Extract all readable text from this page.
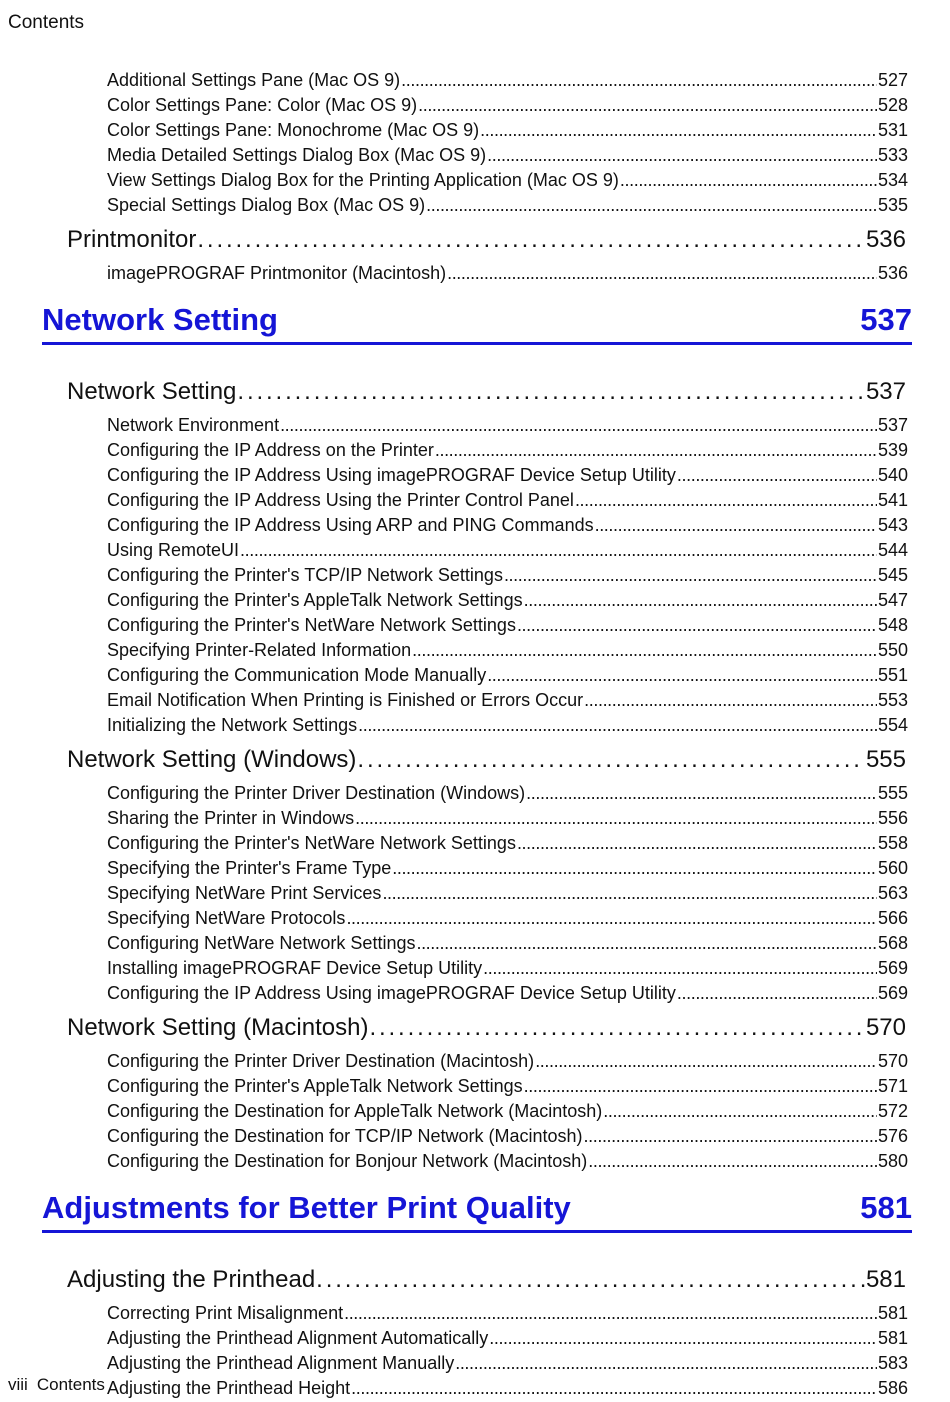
Contents
Additional Settings Pane (Mac OS 9) . . .	527
Color Settings Pane: Color (Mac OS 9) . . .	528
Color Settings Pane: Monochrome (Mac OS 9) . . .	531
Media Detailed Settings Dialog Box (Mac OS 9) . . .	533
View Settings Dialog Box for the Printing Application (Mac OS 9) . . .	534
Special Settings Dialog Box (Mac OS 9) . . .	535
Printmonitor . . .	536
imagePROGRAF Printmonitor (Macintosh) . . .	536
Network Setting	537
Network Setting . . .	537
Network Environment . . .	537
Configuring the IP Address on the Printer . . .	539
Configuring the IP Address Using imagePROGRAF Device Setup Utility . . .	540
Configuring the IP Address Using the Printer Control Panel . . .	541
Configuring the IP Address Using ARP and PING Commands . . .	543
Using RemoteUI . . .	544
Configuring the Printer's TCP/IP Network Settings . . .	545
Configuring the Printer's AppleTalk Network Settings . . .	547
Configuring the Printer's NetWare Network Settings . . .	548
Specifying Printer-Related Information . . .	550
Configuring the Communication Mode Manually . . .	551
Email Notification When Printing is Finished or Errors Occur . . .	553
Initializing the Network Settings . . .	554
Network Setting (Windows) . . .	555
Configuring the Printer Driver Destination (Windows) . . .	555
Sharing the Printer in Windows . . .	556
Configuring the Printer's NetWare Network Settings . . .	558
Specifying the Printer's Frame Type . . .	560
Specifying NetWare Print Services . . .	563
Specifying NetWare Protocols . . .	566
Configuring NetWare Network Settings . . .	568
Installing imagePROGRAF Device Setup Utility . . .	569
Configuring the IP Address Using imagePROGRAF Device Setup Utility . . .	569
Network Setting (Macintosh) . . .	570
Configuring the Printer Driver Destination (Macintosh) . . .	570
Configuring the Printer's AppleTalk Network Settings . . .	571
Configuring the Destination for AppleTalk Network (Macintosh) . . .	572
Configuring the Destination for TCP/IP Network (Macintosh) . . .	576
Configuring the Destination for Bonjour Network (Macintosh) . . .	580
Adjustments for Better Print Quality	581
Adjusting the Printhead . . .	581
Correcting Print Misalignment . . .	581
Adjusting the Printhead Alignment Automatically . . .	581
Adjusting the Printhead Alignment Manually . . .	583
Adjusting the Printhead Height . . .	586
viii Contents
